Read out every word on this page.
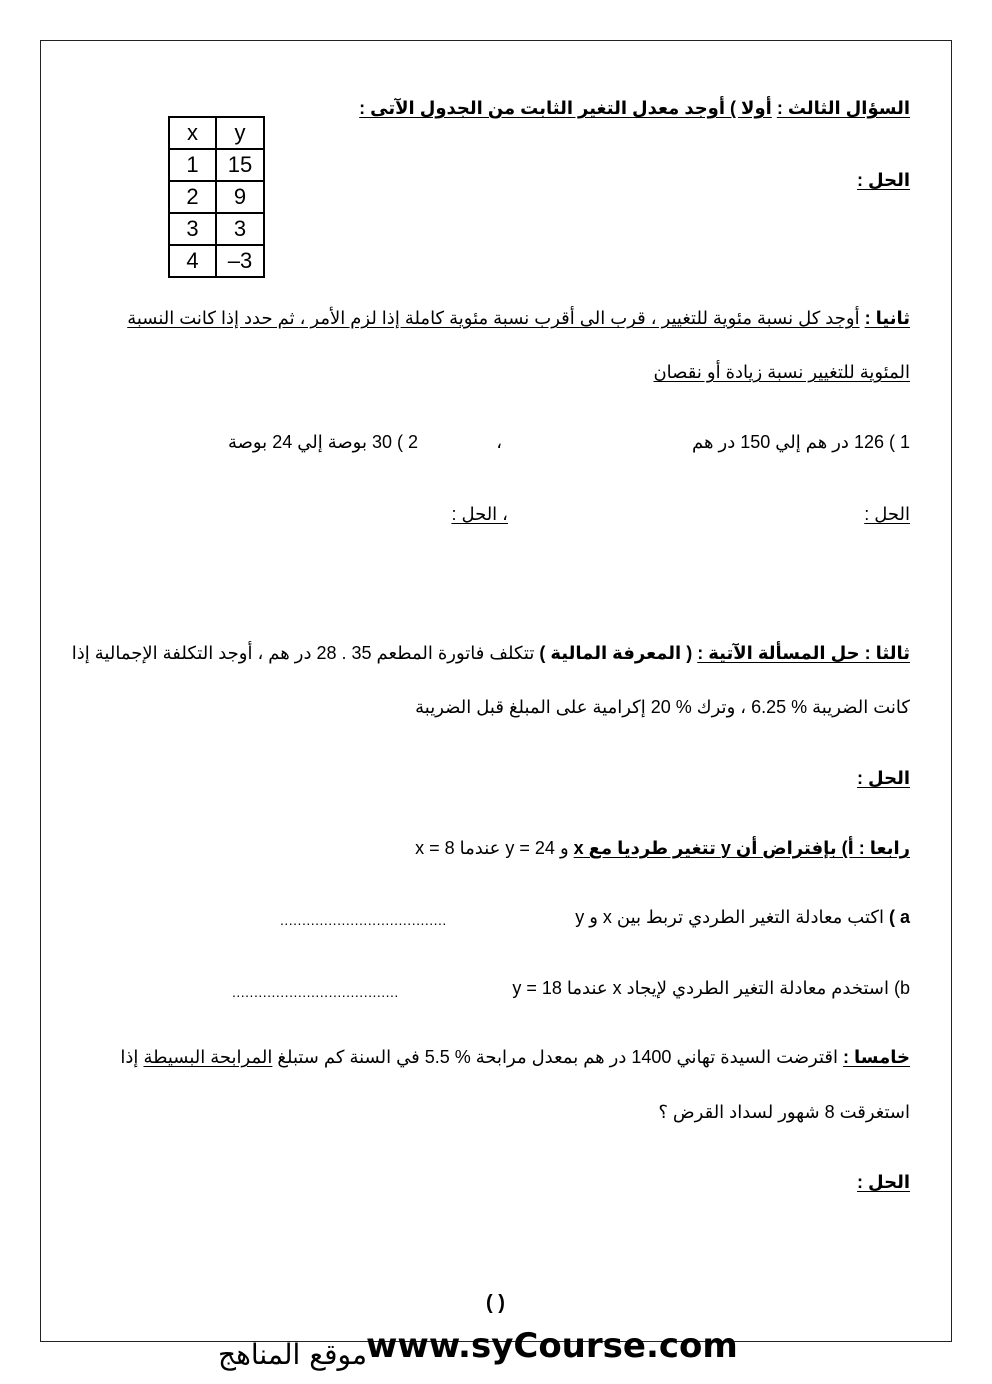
السؤال الثالث : أولا ) أوجد معدل التغير الثابت من الجدول الآتى :
x	y
1	15
2	9
3	3
4	–3
الحل :
ثانيا : أوجد كل نسبة مئوية للتغيير ، قرب الى أقرب نسبة مئوية كاملة إذا لزم الأمر ، ثم حدد إذا كانت النسبة
المئوية للتغيير نسبة زيادة أو نقصان
1 ) 126 در هم إلي 150 در هم
،
2 ) 30 بوصة إلي 24 بوصة
الحل :
، الحل :
ثالثا : حل المسألة الآتية : ( المعرفة المالية ) تتكلف فاتورة المطعم 35 . 28 در هم ، أوجد التكلفة الإجمالية إذا
كانت الضريبة % 6.25 ، وترك % 20 إكرامية على المبلغ قبل الضريبة
الحل :
رابعا : أ) بإفتراض أن y تتغير طرديا مع x و 24 = y عندما 8 = x
a ) اكتب معادلة التغير الطردي تربط بين x و y
......................................
b) استخدم معادلة التغير الطردي لإيجاد x عندما y = 18
......................................
خامسا : اقترضت السيدة تهاني 1400 در هم بمعدل مرابحة % 5.5 في السنة كم ستبلغ المرابحة البسيطة إذا
استغرقت 8 شهور لسداد القرض ؟
الحل :
( )
www.syCourse.com
موقع المناهج
